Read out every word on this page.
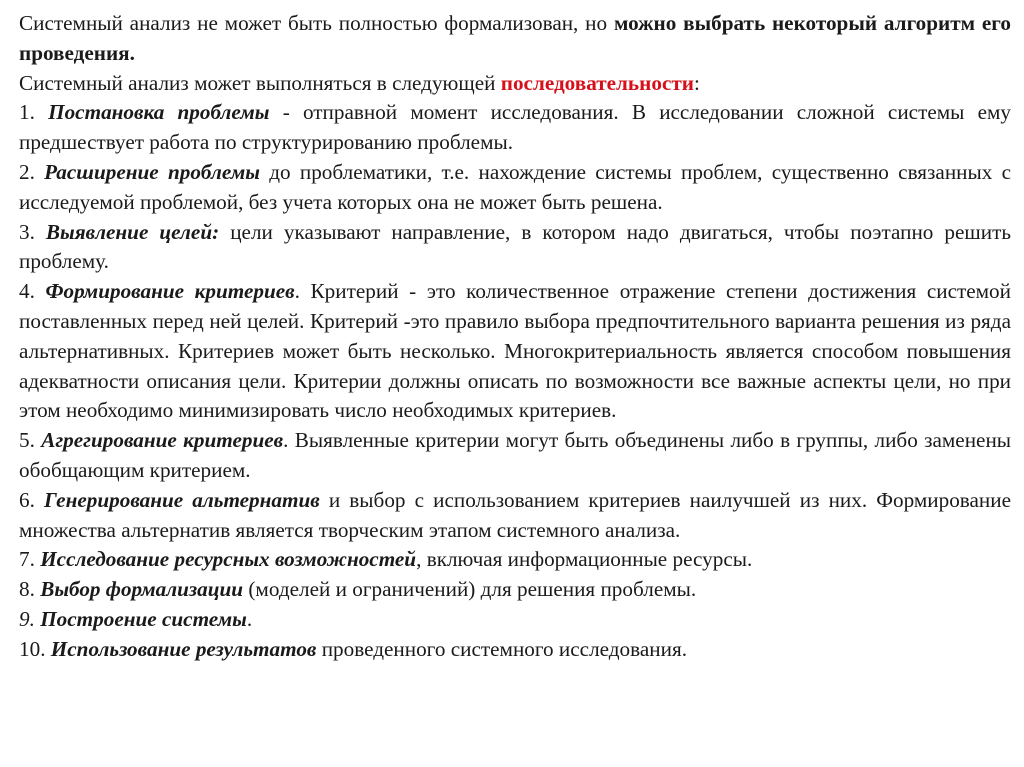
Системный анализ не может быть полностью формализован, но можно выбрать некоторый алгоритм его проведения.

Системный анализ может выполняться в следующей последовательности:

1. Постановка проблемы - отправной момент исследования. В исследовании сложной системы ему предшествует работа по структурированию проблемы.

2. Расширение проблемы до проблематики, т.е. нахождение системы проблем, существенно связанных с исследуемой проблемой, без учета которых она не может быть решена.

3. Выявление целей: цели указывают направление, в котором надо двигаться, чтобы поэтапно решить проблему.

4. Формирование критериев. Критерий - это количественное отражение степени достижения системой поставленных перед ней целей. Критерий -это правило выбора предпочтительного варианта решения из ряда альтернативных. Критериев может быть несколько. Многокритериальность является способом повышения адекватности описания цели. Критерии должны описать по возможности все важные аспекты цели, но при этом необходимо минимизировать число необходимых критериев.

5. Агрегирование критериев. Выявленные критерии могут быть объединены либо в группы, либо заменены обобщающим критерием.

6. Генерирование альтернатив и выбор с использованием критериев наилучшей из них. Формирование множества альтернатив является творческим этапом системного анализа.

7. Исследование ресурсных возможностей, включая информационные ресурсы.

8. Выбор формализации (моделей и ограничений) для решения проблемы.

9. Построение системы.

10. Использование результатов проведенного системного исследования.
